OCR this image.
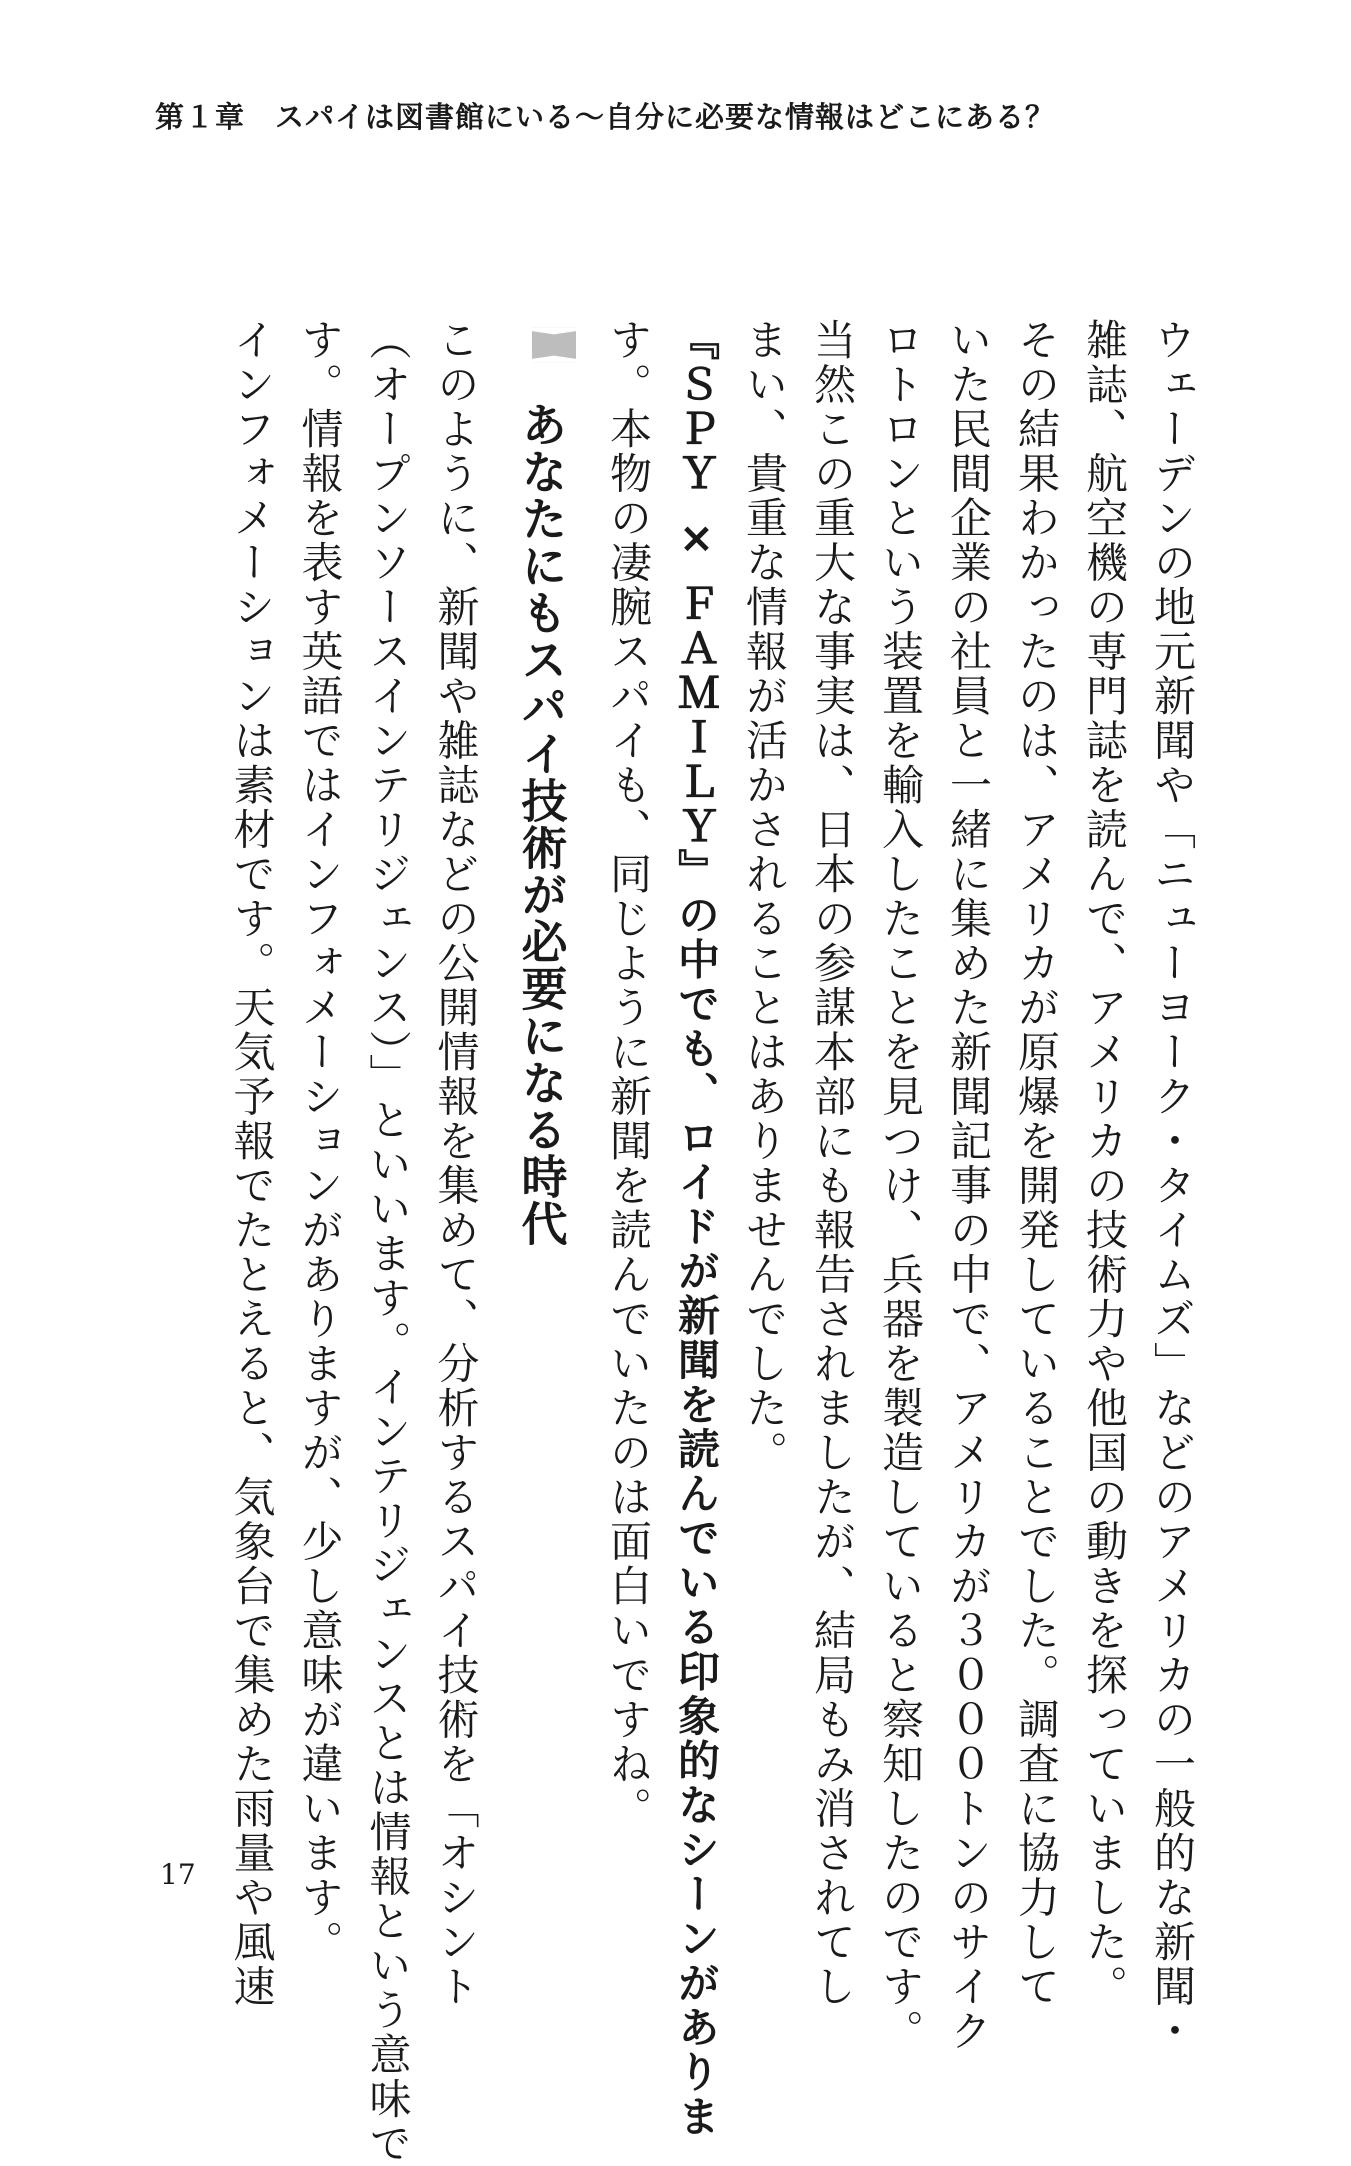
第１章　スパイは図書館にいる〜自分に必要な情報はどこにある？
ウェーデンの地元新聞や「ニューヨーク・タイムズ」などのアメリカの一般的な新聞・
雑誌、航空機の専門誌を読んで、アメリカの技術力や他国の動きを探っていました。
その結果わかったのは、アメリカが原爆を開発していることでした。調査に協力して
いた民間企業の社員と一緒に集めた新聞記事の中で、アメリカが３０００トンのサイク
ロトロンという装置を輸入したことを見つけ、兵器を製造していると察知したのです。
当然この重大な事実は、日本の参謀本部にも報告されましたが、結局もみ消されてし
まい、貴重な情報が活かされることはありませんでした。
『ＳＰＹ × ＦＡＭＩＬＹ』の中でも、ロイドが新聞を読んでいる印象的なシーンがありま
す。本物の凄腕スパイも、同じように新聞を読んでいたのは面白いですね。
あなたにもスパイ技術が必要になる時代
このように、新聞や雑誌などの公開情報を集めて、分析するスパイ技術を「オシント
（オープンソースインテリジェンス）」といいます。インテリジェンスとは情報という意味で
す。情報を表す英語ではインフォメーションがありますが、少し意味が違います。
インフォメーションは素材です。天気予報でたとえると、気象台で集めた雨量や風速
17
